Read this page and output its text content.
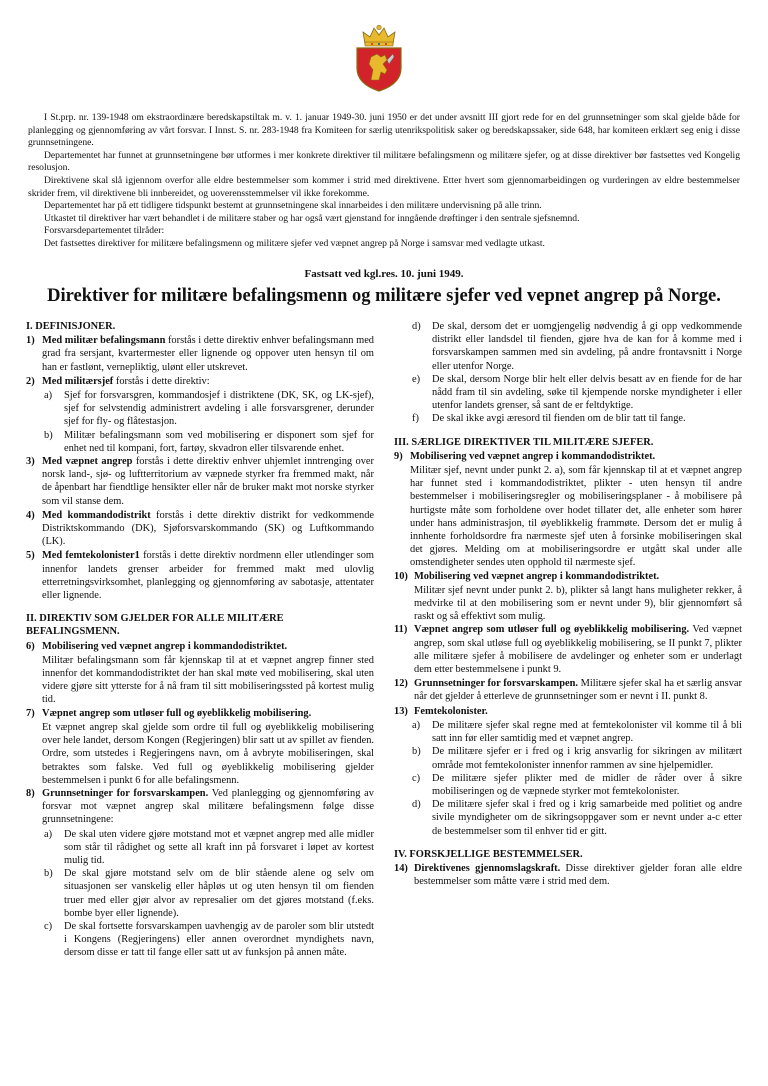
I St.prp. nr. 139-1948 om ekstraordinære beredskapstiltak m. v. 1. januar 1949-30. juni 1950 er det under avsnitt III gjort rede for en del grunnsetninger som skal gjelde både for planlegging og gjennomføring av vårt forsvar. I Innst. S. nr. 283-1948 fra Komiteen for særlig utenrikspolitisk saker og beredskapssaker, side 648, har komiteen erklært seg enig i disse grunnsetningene.

Departementet har funnet at grunnsetningene bør utformes i mer konkrete direktiver til militære befalingsmenn og militære sjefer, og at disse direktiver bør fastsettes ved Kongelig resolusjon.

Direktivene skal slå igjennom overfor alle eldre bestemmelser som kommer i strid med direktivene. Etter hvert som gjennomarbeidingen og vurderingen av eldre bestemmelser skrider frem, vil direktivene bli innbereidet, og uoverensstemmelser vil ikke forekomme.

Departementet har på ett tidligere tidspunkt bestemt at grunnsetningene skal innarbeides i den militære undervisning på alle trinn.

Utkastet til direktiver har vært behandlet i de militære staber og har også vært gjenstand for inngående drøftinger i den sentrale sjefsnemnd.

Forsvarsdepartementet tilråder:

Det fastsettes direktiver for militære befalingsmenn og militære sjefer ved væpnet angrep på Norge i samsvar med vedlagte utkast.

Fastsatt ved kgl.res. 10. juni 1949.
Direktiver for militære befalingsmenn og militære sjefer ved vepnet angrep på Norge.
I. DEFINISJONER.
1) Med militær befalingsmann forstås i dette direktiv enhver befalingsmann med grad fra sersjant, kvartermester eller lignende og oppover uten hensyn til om han er fastlønt, vernepliktig, ulønt eller utskrevet.
2) Med militærsjef forstås i dette direktiv:
a) Sjef for forsvarsgren, kommandosjef i distriktene (DK, SK, og LK-sjef), sjef for selvstendig administrert avdeling i alle forsvarsgrener, derunder sjef for fly- og flåtestasjon.
b) Militær befalingsmann som ved mobilisering er disponert som sjef for enhet ned til kompani, fort, fartøy, skvadron eller tilsvarende enhet.
3) Med væpnet angrep forstås i dette direktiv enhver uhjemlet inntrenging over norsk land-, sjø- og luftterritorium av væpnede styrker fra fremmed makt, når de åpenbart har fiendtlige hensikter eller når de bruker makt mot norske styrker som vil stanse dem.
4) Med kommandodistrikt forstås i dette direktiv distrikt for vedkommende Distriktskommando (DK), Sjøforsvarskommando (SK) og Luftkommando (LK).
5) Med femtekolonister1 forstås i dette direktiv nordmenn eller utlendinger som innenfor landets grenser arbeider for fremmed makt med ulovlig etterretningsvirksomhet, planlegging og gjennomføring av sabotasje, attentater eller lignende.
II. DIREKTIV SOM GJELDER FOR ALLE MILITÆRE BEFALINGSMENN.
6) Mobilisering ved væpnet angrep i kommandodistriktet.
Militær befalingsmann som får kjennskap til at et væpnet angrep finner sted innenfor det kommandodistriktet der han skal møte ved mobilisering, skal uten videre gjøre sitt ytterste for å nå fram til sitt mobiliseringssted på kortest mulig tid.
7) Væpnet angrep som utløser full og øyeblikkelig mobilisering.
Et væpnet angrep skal gjelde som ordre til full og øyeblikkelig mobilisering over hele landet, dersom Kongen (Regjeringen) blir satt ut av spillet av fienden. Ordre, som utstedes i Regjeringens navn, om å avbryte mobiliseringen, skal betraktes som falske. Ved full og øyeblikkelig mobilisering gjelder bestemmelsen i punkt 6 for alle befalingsmenn.
8) Grunnsetninger for forsvarskampen. Ved planlegging og gjennomføring av forsvar mot væpnet angrep skal militære befalingsmenn følge disse grunnsetningene:
a) De skal uten videre gjøre motstand mot et væpnet angrep med alle midler som står til rådighet og sette all kraft inn på forsvaret i løpet av kortest mulig tid.
b) De skal gjøre motstand selv om de blir stående alene og selv om situasjonen ser vanskelig eller håpløs ut og uten hensyn til om fienden truer med eller gjør alvor av represalier om det gjøres motstand (f.eks. bombe byer eller lignende).
c) De skal fortsette forsvarskampen uavhengig av de paroler som blir utstedt i Kongens (Regjeringens) eller annen overordnet myndighets navn, dersom disse er tatt til fange eller satt ut av funksjon på annen måte.
d) De skal, dersom det er uomgjengelig nødvendig å gi opp vedkommende distrikt eller landsdel til fienden, gjøre hva de kan for å komme med i forsvarskampen sammen med sin avdeling, på andre frontavsnitt i Norge eller utenfor Norge.
e) De skal, dersom Norge blir helt eller delvis besatt av en fiende for de har nådd fram til sin avdeling, søke til kjempende norske myndigheter i eller utenfor landets grenser, så sant de er feltdyktige.
f) De skal ikke avgi æresord til fienden om de blir tatt til fange.
III. SÆRLIGE DIREKTIVER TIL MILITÆRE SJEFER.
9) Mobilisering ved væpnet angrep i kommandodistriktet.
Militær sjef, nevnt under punkt 2. a), som får kjennskap til at et væpnet angrep har funnet sted i kommandodistriktet, plikter - uten hensyn til andre bestemmelser i mobiliseringsregler og mobiliseringsplaner - å mobilisere på hurtigste måte som forholdene over hodet tillater det, alle enheter som hører under hans administrasjon, til øyeblikkelig frammøte. Dersom det er mulig å innhente forholdsordre fra nærmeste sjef uten å forsinke mobiliseringen skal det gjøres. Melding om at mobiliseringsordre er utgått skal under alle omstendigheter sendes uten opphold til nærmeste sjef.
10) Mobilisering ved væpnet angrep i kommandodistriktet.
Militær sjef nevnt under punkt 2. b), plikter så langt hans muligheter rekker, å medvirke til at den mobilisering som er nevnt under 9), blir gjennomført så raskt og så effektivt som mulig.
11) Væpnet angrep som utløser full og øyeblikkelig mobilisering. Ved væpnet angrep, som skal utløse full og øyeblikkelig mobilisering, se II punkt 7, plikter alle militære sjefer å mobilisere de avdelinger og enheter som er underlagt dem etter bestemmelsene i punkt 9.
12) Grunnsetninger for forsvarskampen. Militære sjefer skal ha et særlig ansvar når det gjelder å etterleve de grunnsetninger som er nevnt i II. punkt 8.
13) Femtekolonister.
a) De militære sjefer skal regne med at femtekolonister vil komme til å bli satt inn før eller samtidig med et væpnet angrep.
b) De militære sjefer er i fred og i krig ansvarlig for sikringen av militært område mot femtekolonister innenfor rammen av sine hjelpemidler.
c) De militære sjefer plikter med de midler de råder over å sikre mobiliseringen og de væpnede styrker mot femtekolonister.
d) De militære sjefer skal i fred og i krig samarbeide med politiet og andre sivile myndigheter om de sikringsoppgaver som er nevnt under a-c etter de bestemmelser som til enhver tid er gitt.
IV. FORSKJELLIGE BESTEMMELSER.
14) Direktivenes gjennomslagskraft. Disse direktiver gjelder foran alle eldre bestemmelser som måtte være i strid med dem.
